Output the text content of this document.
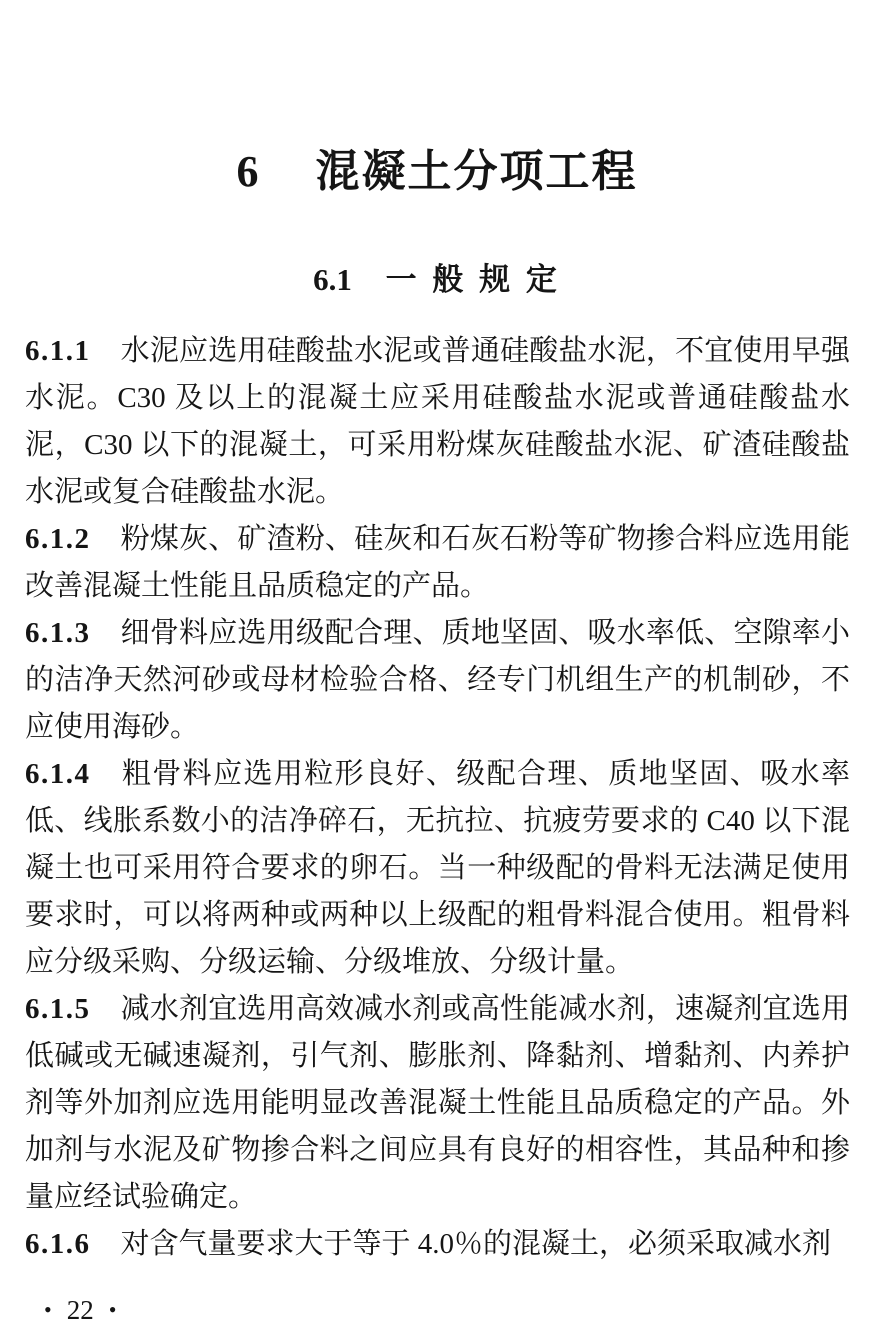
6 混凝土分项工程
6.1 一 般 规 定

6.1.1 水泥应选用硅酸盐水泥或普通硅酸盐水泥，不宜使用早强水泥。C30 及以上的混凝土应采用硅酸盐水泥或普通硅酸盐水泥，C30 以下的混凝土，可采用粉煤灰硅酸盐水泥、矿渣硅酸盐水泥或复合硅酸盐水泥。

6.1.2 粉煤灰、矿渣粉、硅灰和石灰石粉等矿物掺合料应选用能改善混凝土性能且品质稳定的产品。

6.1.3 细骨料应选用级配合理、质地坚固、吸水率低、空隙率小的洁净天然河砂或母材检验合格、经专门机组生产的机制砂，不应使用海砂。

6.1.4 粗骨料应选用粒形良好、级配合理、质地坚固、吸水率低、线胀系数小的洁净碎石，无抗拉、抗疲劳要求的 C40 以下混凝土也可采用符合要求的卵石。当一种级配的骨料无法满足使用要求时，可以将两种或两种以上级配的粗骨料混合使用。粗骨料应分级采购、分级运输、分级堆放、分级计量。

6.1.5 减水剂宜选用高效减水剂或高性能减水剂，速凝剂宜选用低碱或无碱速凝剂，引气剂、膨胀剂、降黏剂、增黏剂、内养护剂等外加剂应选用能明显改善混凝土性能且品质稳定的产品。外加剂与水泥及矿物掺合料之间应具有良好的相容性，其品种和掺量应经试验确定。

6.1.6 对含气量要求大于等于 4.0％的混凝土，必须采取减水剂

• 22 •
